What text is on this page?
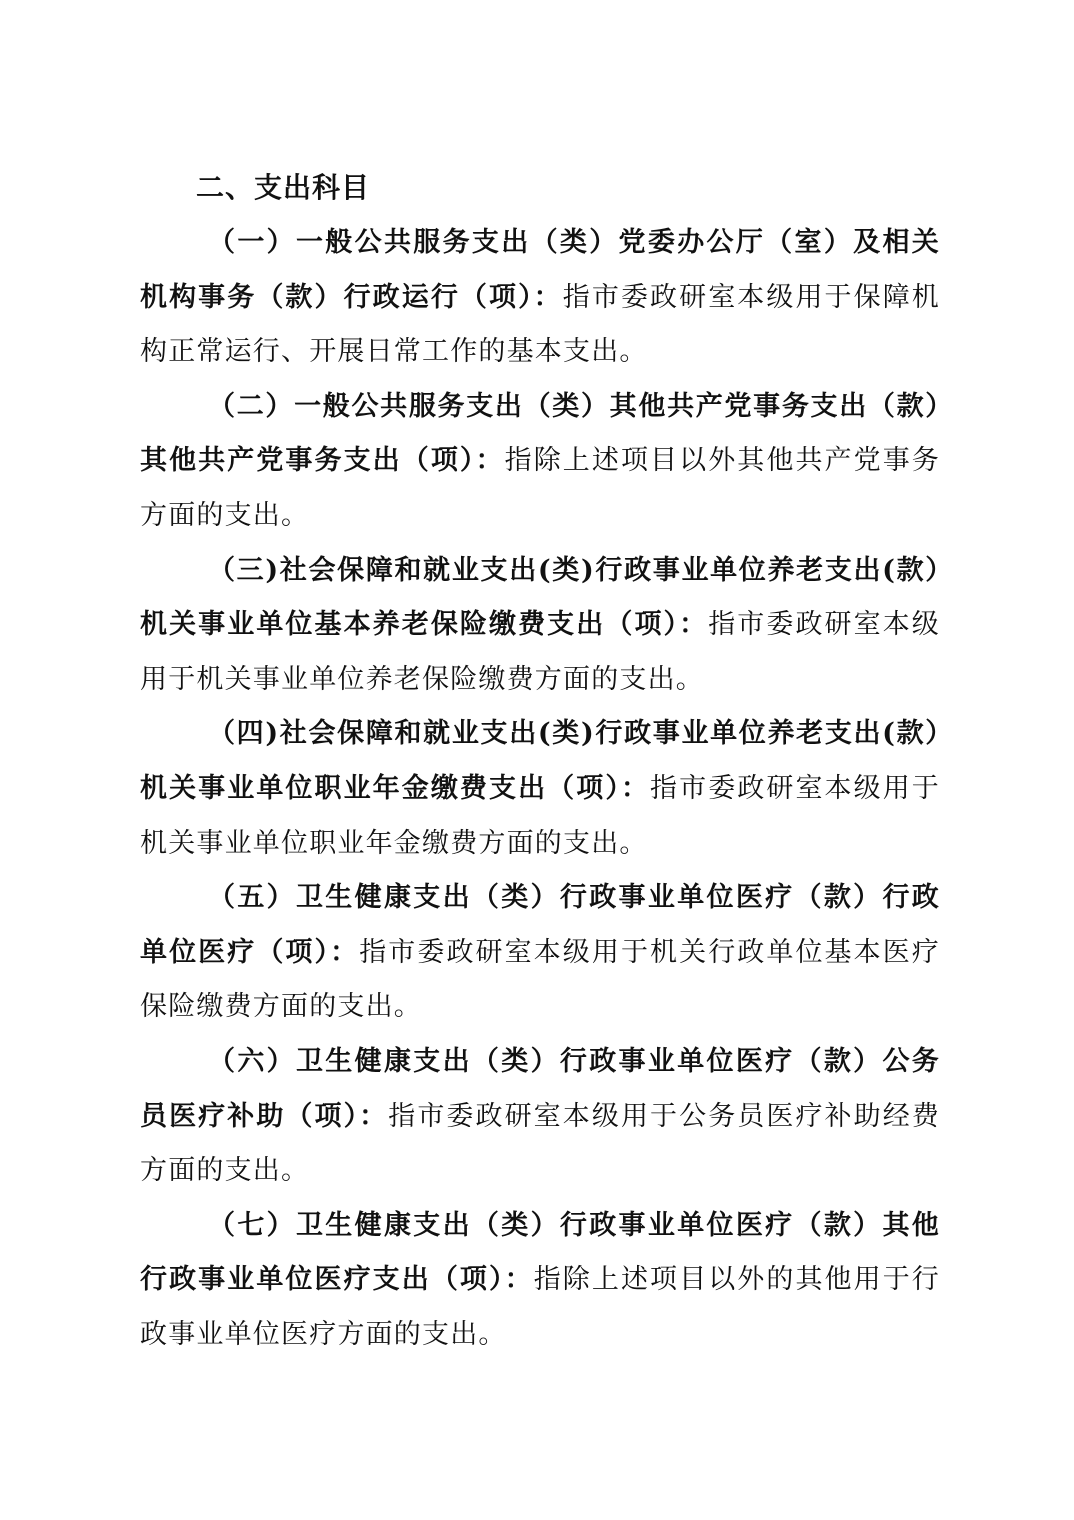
二、支出科目

（一）一般公共服务支出（类）党委办公厅（室）及相关机构事务（款）行政运行（项）：指市委政研室本级用于保障机构正常运行、开展日常工作的基本支出。

（二）一般公共服务支出（类）其他共产党事务支出（款）其他共产党事务支出（项）：指除上述项目以外其他共产党事务方面的支出。

（三)社会保障和就业支出(类)行政事业单位养老支出(款）机关事业单位基本养老保险缴费支出（项）：指市委政研室本级用于机关事业单位养老保险缴费方面的支出。

（四)社会保障和就业支出(类)行政事业单位养老支出(款）机关事业单位职业年金缴费支出（项）：指市委政研室本级用于机关事业单位职业年金缴费方面的支出。

（五）卫生健康支出（类）行政事业单位医疗（款）行政单位医疗（项）：指市委政研室本级用于机关行政单位基本医疗保险缴费方面的支出。

（六）卫生健康支出（类）行政事业单位医疗（款）公务员医疗补助（项）：指市委政研室本级用于公务员医疗补助经费方面的支出。

（七）卫生健康支出（类）行政事业单位医疗（款）其他行政事业单位医疗支出（项）：指除上述项目以外的其他用于行政事业单位医疗方面的支出。
